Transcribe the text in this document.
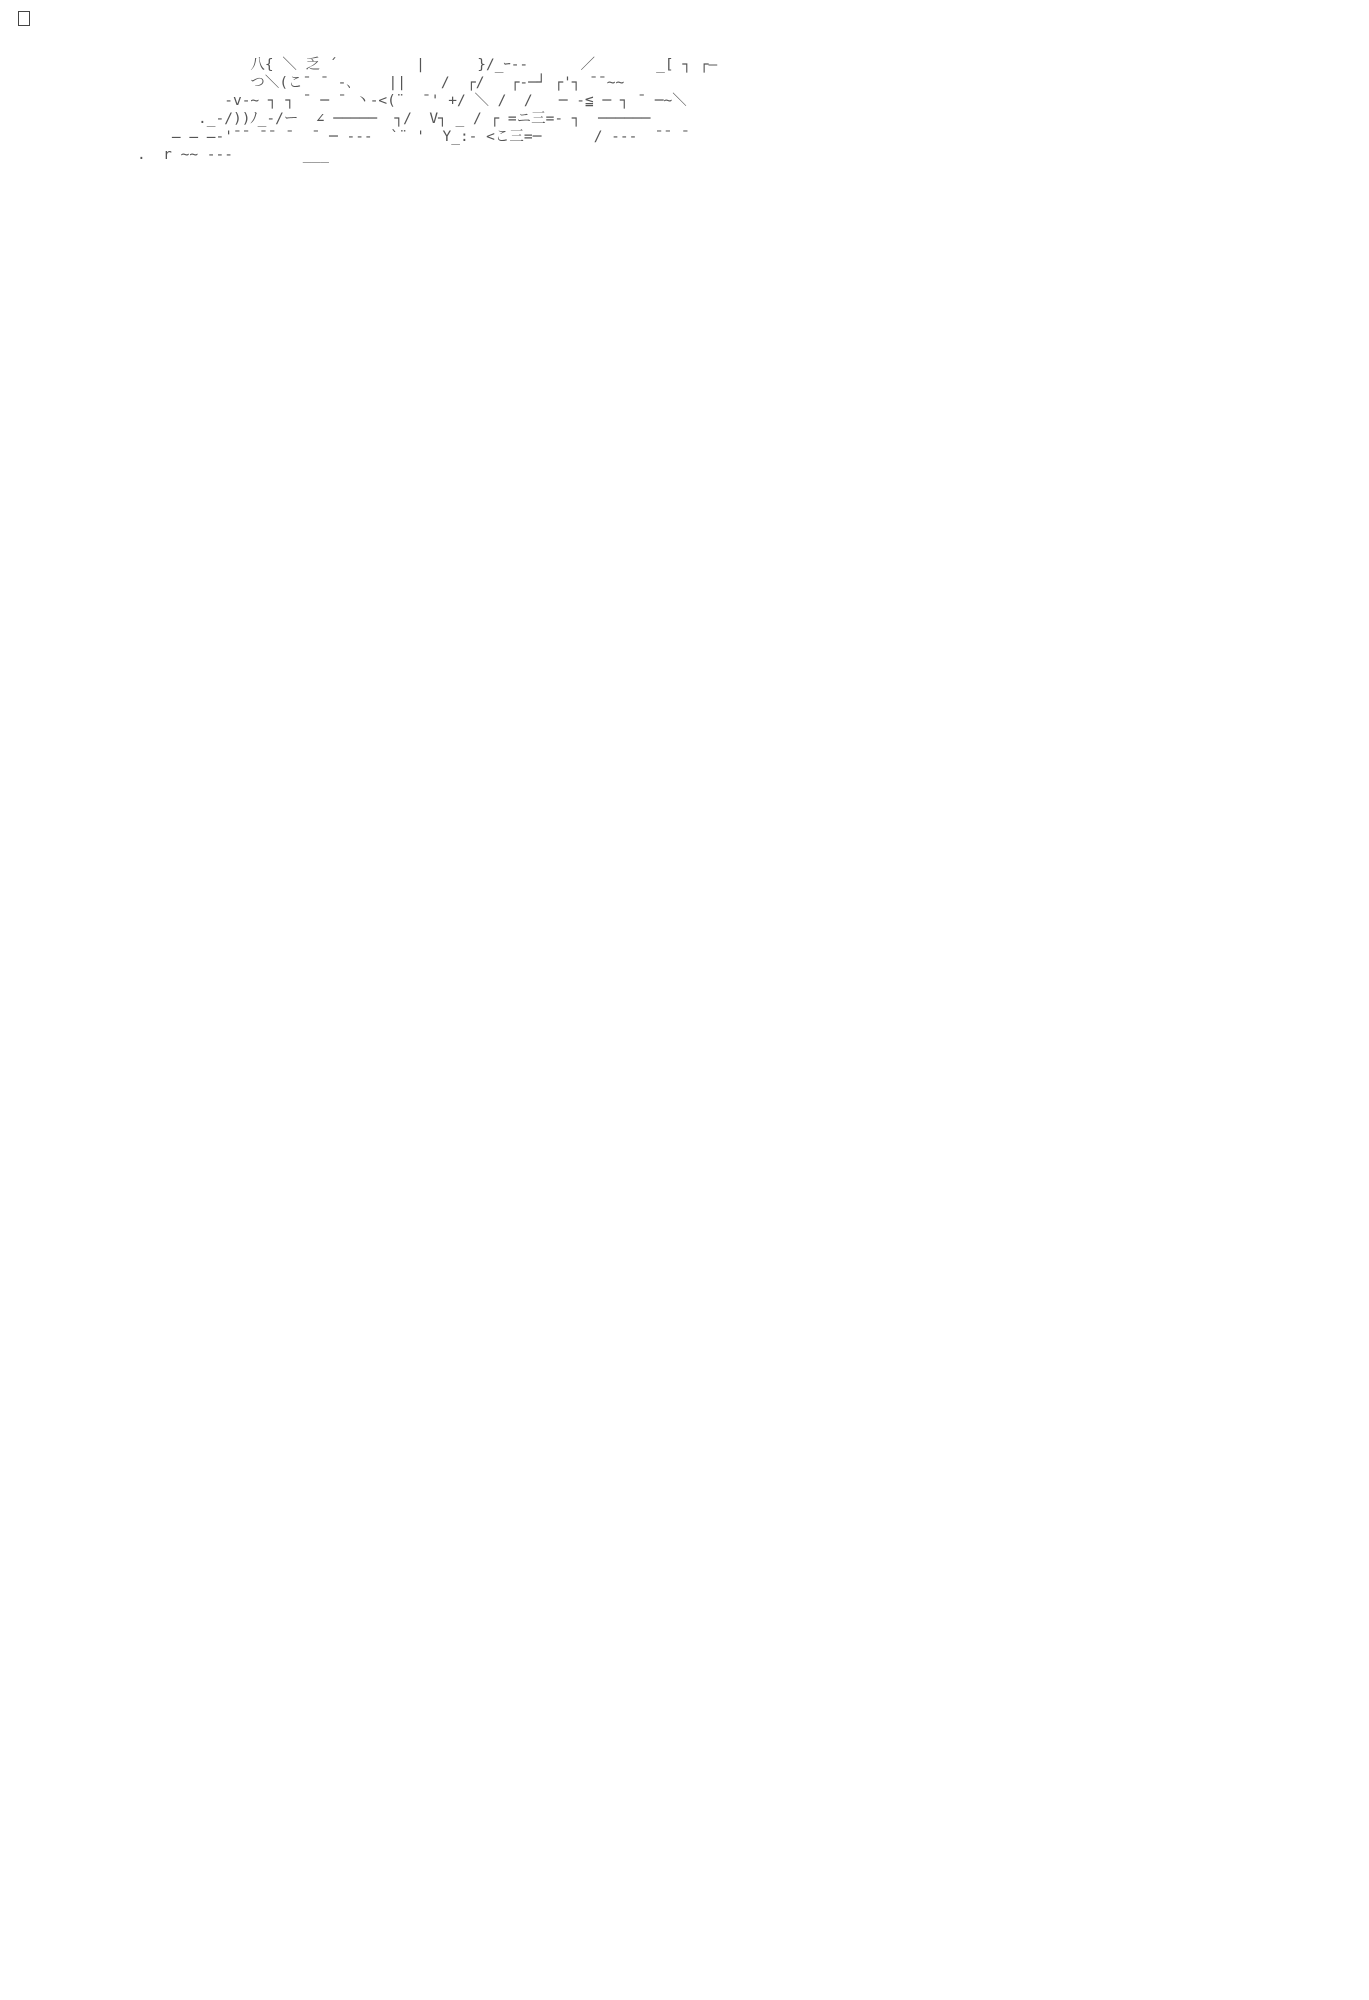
八{ ＼ 乏 ´         |      }/_ｰ‐-      ／       _[ ┐ ┌―
つ＼(こ¯ ¯ ‐､    ||    /  ┌/   ┌-─┘ ┌'┐ ¯¯~~
-v‐~ ┐ ┐ ¯ ─ ¯ 丶-<(¨  ¯' +/ ＼ /  /   ─ ‐≦ ─ ┐ ¯ ─~＼
._-/))ﾉ_-/ー  ∠ ─────  ┐/  V┐ _ / ┌ =ニ三=‐ ┐  ──────
̶ ̶ ̶‐'¯¯ ¯¯ ¯  ¯ ─ ‐‐‐  `¨ '  Y_:‐ <こ三=─      / ‐‐‐  ¯¯ ¯
.  r ~~ ‐‐‐        ___
